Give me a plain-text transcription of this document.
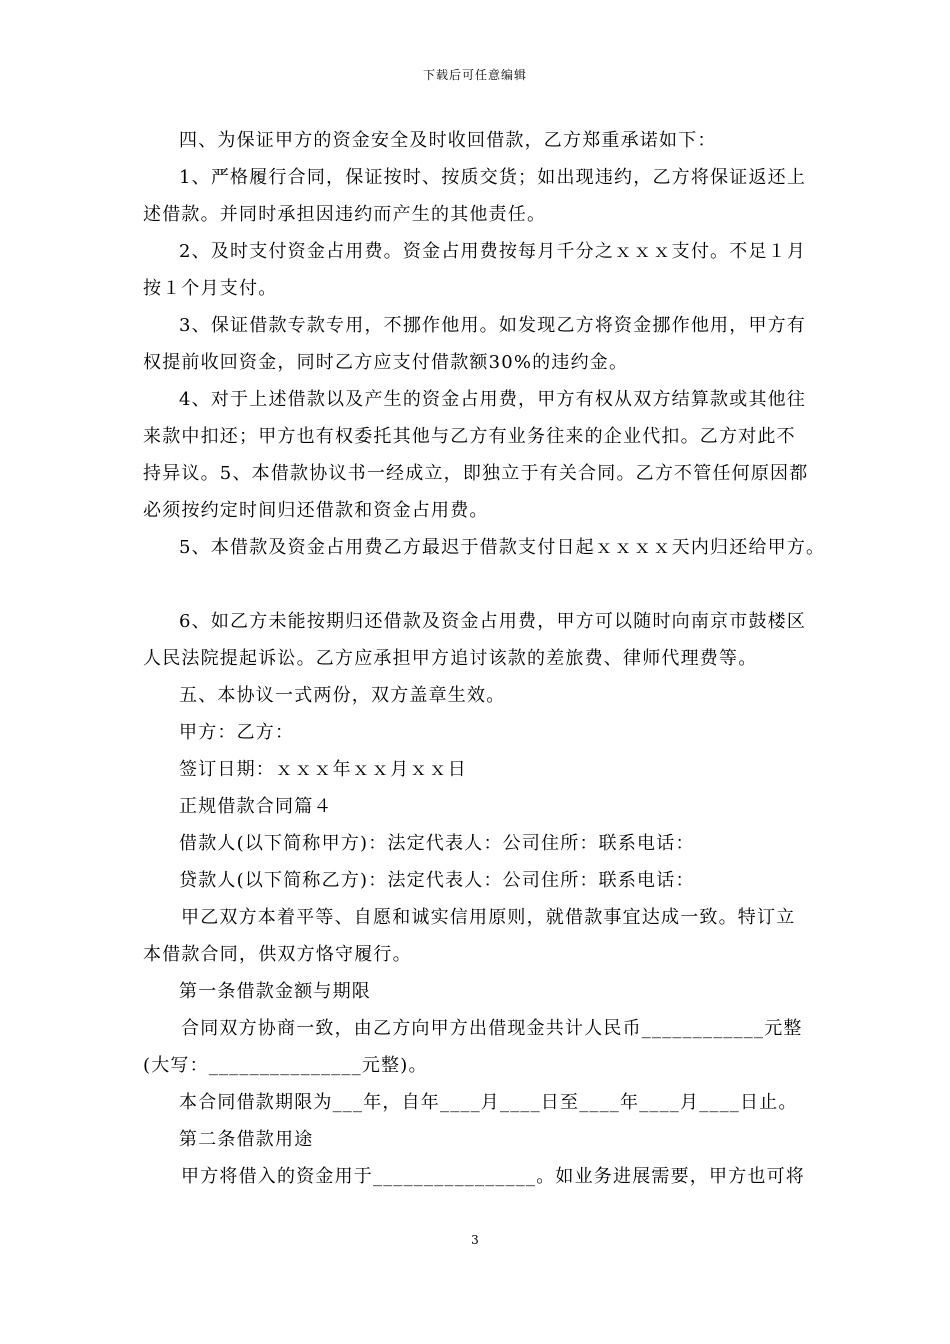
下载后可任意编辑

四、为保证甲方的资金安全及时收回借款，乙方郑重承诺如下：

1、严格履行合同，保证按时、按质交货；如出现违约，乙方将保证返还上

述借款。并同时承担因违约而产生的其他责任。

2、及时支付资金占用费。资金占用费按每月千分之ｘｘｘ支付。不足１月

按１个月支付。

3、保证借款专款专用，不挪作他用。如发现乙方将资金挪作他用，甲方有

权提前收回资金，同时乙方应支付借款额30%的违约金。

4、对于上述借款以及产生的资金占用费，甲方有权从双方结算款或其他往

来款中扣还；甲方也有权委托其他与乙方有业务往来的企业代扣。乙方对此不

持异议。5、本借款协议书一经成立，即独立于有关合同。乙方不管任何原因都

必须按约定时间归还借款和资金占用费。

5、本借款及资金占用费乙方最迟于借款支付日起ｘｘｘｘ天内归还给甲方。

6、如乙方未能按期归还借款及资金占用费，甲方可以随时向南京市鼓楼区

人民法院提起诉讼。乙方应承担甲方追讨该款的差旅费、律师代理费等。

五、本协议一式两份，双方盖章生效。

甲方：乙方：

签订日期：ｘｘｘ年ｘｘ月ｘｘ日

正规借款合同篇４

借款人(以下简称甲方)：法定代表人：公司住所：联系电话：

贷款人(以下简称乙方)：法定代表人：公司住所：联系电话：

甲乙双方本着平等、自愿和诚实信用原则，就借款事宜达成一致。特订立

本借款合同，供双方恪守履行。

第一条借款金额与期限

合同双方协商一致，由乙方向甲方出借现金共计人民币____________元整

(大写：_______________元整)。

本合同借款期限为___年，自年____月____日至____年____月____日止。

第二条借款用途

甲方将借入的资金用于________________。如业务进展需要，甲方也可将

3
